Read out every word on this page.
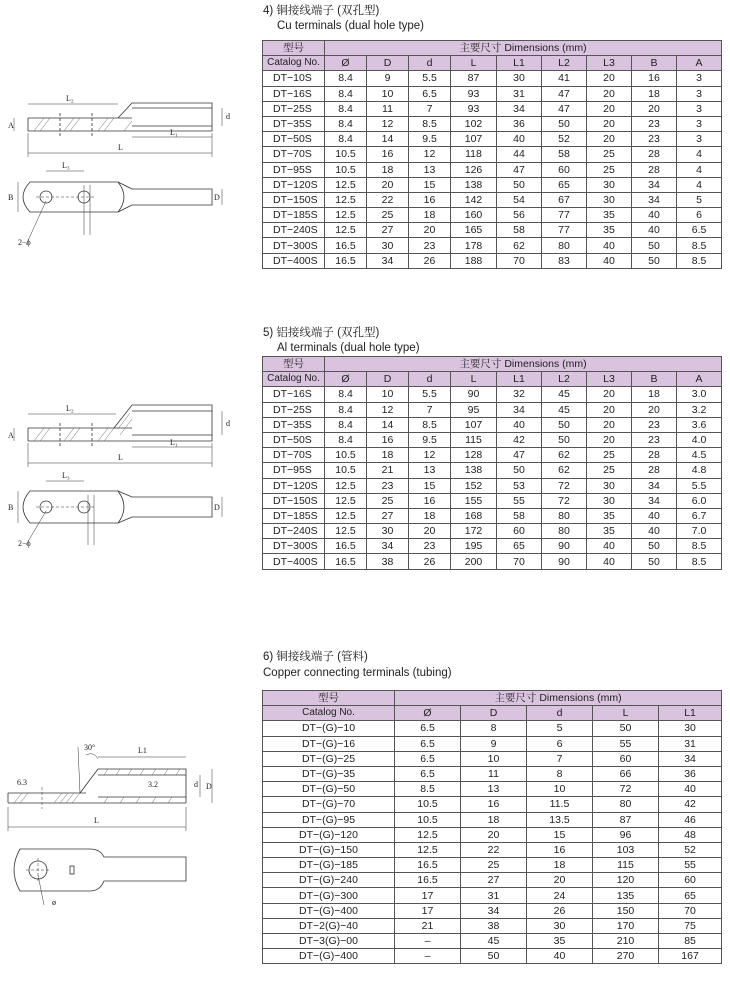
4) 铜接线端子 (双孔型)
Cu terminals (dual hole type)
A
L₂
L₁
d
L
L₃
B	D
2−ϕ
型号	主要尺寸 Dimensions (mm)								
Catalog No.	Ø	D	d	L	L1	L2	L3	B	A
DT−10S	8.4	9	5.5	87	30	41	20	16	3
DT−16S	8.4	10	6.5	93	31	47	20	18	3
DT−25S	8.4	11	7	93	34	47	20	20	3
DT−35S	8.4	12	8.5	102	36	50	20	23	3
DT−50S	8.4	14	9.5	107	40	52	20	23	3
DT−70S	10.5	16	12	118	44	58	25	28	4
DT−95S	10.5	18	13	126	47	60	25	28	4
DT−120S	12.5	20	15	138	50	65	30	34	4
DT−150S	12.5	22	16	142	54	67	30	34	5
DT−185S	12.5	25	18	160	56	77	35	40	6
DT−240S	12.5	27	20	165	58	77	35	40	6.5
DT−300S	16.5	30	23	178	62	80	40	50	8.5
DT−400S	16.5	34	26	188	70	83	40	50	8.5
5) 铝接线端子 (双孔型)
Al terminals (dual hole type)
A
L₂
L₁
d
L
L₃
B	D
2−ϕ
型号	主要尺寸 Dimensions (mm)								
Catalog No.	Ø	D	d	L	L1	L2	L3	B	A
DT−16S	8.4	10	5.5	90	32	45	20	18	3.0
DT−25S	8.4	12	7	95	34	45	20	20	3.2
DT−35S	8.4	14	8.5	107	40	50	20	23	3.6
DT−50S	8.4	16	9.5	115	42	50	20	23	4.0
DT−70S	10.5	18	12	128	47	62	25	28	4.5
DT−95S	10.5	21	13	138	50	62	25	28	4.8
DT−120S	12.5	23	15	152	53	72	30	34	5.5
DT−150S	12.5	25	16	155	55	72	30	34	6.0
DT−185S	12.5	27	18	168	58	80	35	40	6.7
DT−240S	12.5	30	20	172	60	80	35	40	7.0
DT−300S	16.5	34	23	195	65	90	40	50	8.5
DT−400S	16.5	38	26	200	70	90	40	50	8.5
6) 铜接线端子 (管料)
Copper connecting terminals (tubing)
30°	L1
6.3	3.2	d D
L
ø
型号	主要尺寸 Dimensions (mm)				
Catalog No.	Ø	D	d	L	L1
DT−(G)−10	6.5	8	5	50	30
DT−(G)−16	6.5	9	6	55	31
DT−(G)−25	6.5	10	7	60	34
DT−(G)−35	6.5	11	8	66	36
DT−(G)−50	8.5	13	10	72	40
DT−(G)−70	10.5	16	11.5	80	42
DT−(G)−95	10.5	18	13.5	87	46
DT−(G)−120	12.5	20	15	96	48
DT−(G)−150	12.5	22	16	103	52
DT−(G)−185	16.5	25	18	115	55
DT−(G)−240	16.5	27	20	120	60
DT−(G)−300	17	31	24	135	65
DT−(G)−400	17	34	26	150	70
DT−2(G)−40	21	38	30	170	75
DT−3(G)−00	–	45	35	210	85
DT−(G)−400	–	50	40	270	167
